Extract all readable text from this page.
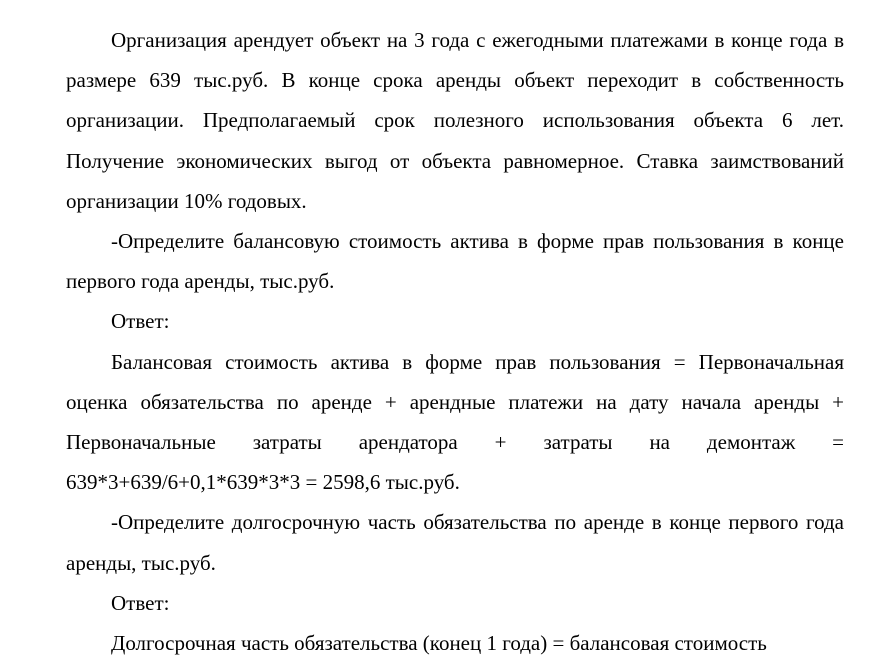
Организация арендует объект на 3 года с ежегодными платежами в конце года в размере 639 тыс.руб. В конце срока аренды объект переходит в собственность организации. Предполагаемый срок полезного использования объекта 6 лет. Получение экономических выгод от объекта равномерное. Ставка заимствований организации 10% годовых.

-Определите балансовую стоимость актива в форме прав пользования в конце первого года аренды, тыс.руб.

Ответ:

Балансовая стоимость актива в форме прав пользования = Первоначальная оценка обязательства по аренде + арендные платежи на дату начала аренды + Первоначальные затраты арендатора + затраты на демонтаж = 639*3+639/6+0,1*639*3*3 = 2598,6 тыс.руб.

-Определите долгосрочную часть обязательства по аренде в конце первого года аренды, тыс.руб.

Ответ:

Долгосрочная часть обязательства (конец 1 года) = балансовая стоимость
